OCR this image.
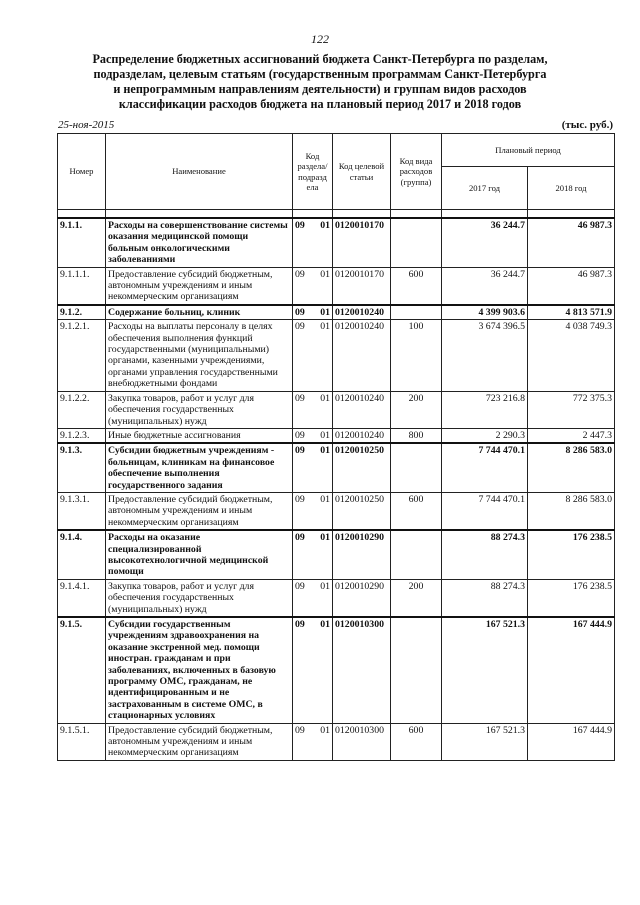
122
Распределение бюджетных ассигнований бюджета Санкт-Петербурга по разделам,
подразделам, целевым статьям (государственным программам Санкт-Петербурга
и непрограммным направлениям деятельности) и группам видов расходов
классификации расходов бюджета на плановый период 2017 и 2018 годов
25-ноя-2015	(тыс. руб.)
Номер	Наименование	Код раздела/ подразд ела	Код целевой статьи	Код вида расходов (группа)	Плановый период	
					2017 год	2018 год

9.1.1.	Расходы на совершенствование системы оказания медицинской помощи больным онкологическими заболеваниями	09 01	0120010170		36 244.7	46 987.3
9.1.1.1.	Предоставление субсидий бюджетным, автономным учреждениям и иным некоммерческим организациям	09 01	0120010170	600	36 244.7	46 987.3
9.1.2.	Содержание больниц, клиник	09 01	0120010240		4 399 903.6	4 813 571.9
9.1.2.1.	Расходы на выплаты персоналу в целях обеспечения выполнения функций государственными (муниципальными) органами, казенными учреждениями, органами управления государственными внебюджетными фондами	09 01	0120010240	100	3 674 396.5	4 038 749.3
9.1.2.2.	Закупка товаров, работ и услуг для обеспечения государственных (муниципальных) нужд	09 01	0120010240	200	723 216.8	772 375.3
9.1.2.3.	Иные бюджетные ассигнования	09 01	0120010240	800	2 290.3	2 447.3
9.1.3.	Субсидии бюджетным учреждениям - больницам, клиникам на финансовое обеспечение выполнения государственного задания	09 01	0120010250		7 744 470.1	8 286 583.0
9.1.3.1.	Предоставление субсидий бюджетным, автономным учреждениям и иным некоммерческим организациям	09 01	0120010250	600	7 744 470.1	8 286 583.0
9.1.4.	Расходы на оказание специализированной высокотехнологичной медицинской помощи	09 01	0120010290		88 274.3	176 238.5
9.1.4.1.	Закупка товаров, работ и услуг для обеспечения государственных (муниципальных) нужд	09 01	0120010290	200	88 274.3	176 238.5
9.1.5.	Субсидии государственным учреждениям здравоохранения на оказание экстренной мед. помощи иностран. гражданам и при заболеваниях, включенных в базовую программу ОМС, гражданам, не идентифицированным и не застрахованным в системе ОМС, в стационарных условиях	09 01	0120010300		167 521.3	167 444.9
9.1.5.1.	Предоставление субсидий бюджетным, автономным учреждениям и иным некоммерческим организациям	09 01	0120010300	600	167 521.3	167 444.9
